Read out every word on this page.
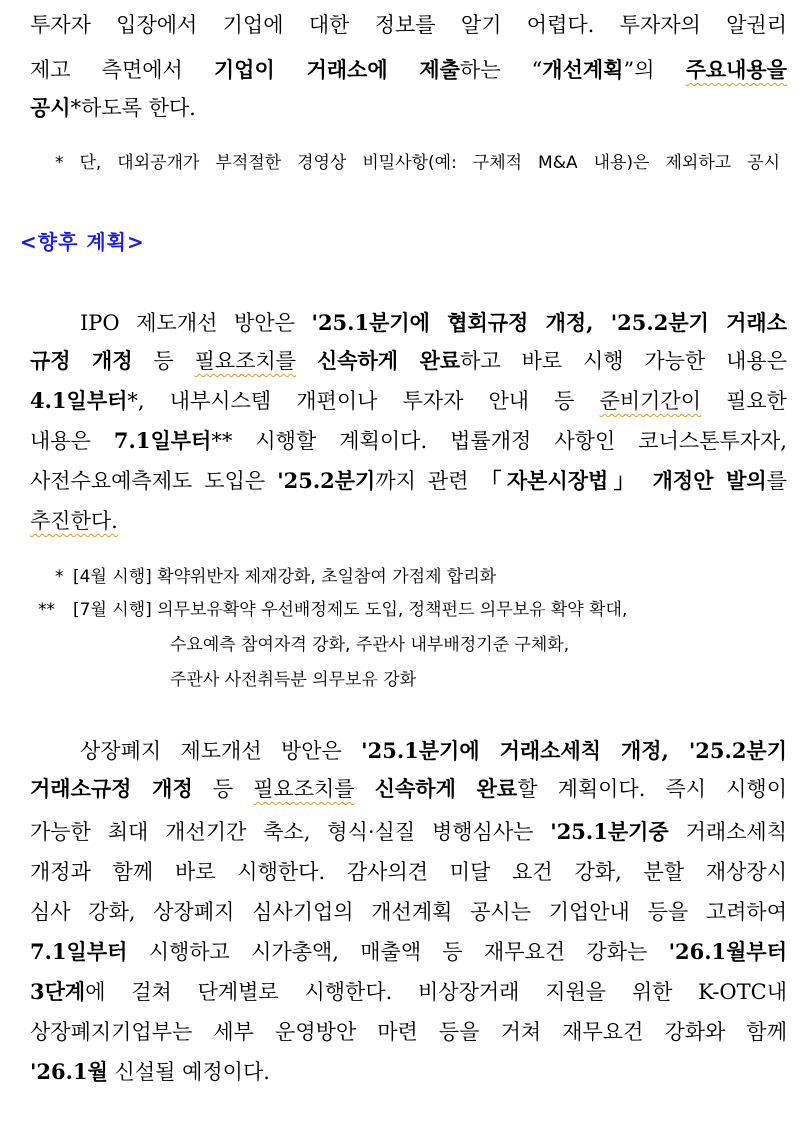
투자자 입장에서 기업에 대한 정보를 알기 어렵다. 투자자의 알권리
제고 측면에서 기업이 거래소에 제출하는 “개선계획”의 주요내용을
공시*하도록 한다.
* 단, 대외공개가 부적절한 경영상 비밀사항(예: 구체적 M&A 내용)은 제외하고 공시
<향후 계획>
IPO 제도개선 방안은 '25.1분기에 협회규정 개정, '25.2분기 거래소
규정 개정 등 필요조치를 신속하게 완료하고 바로 시행 가능한 내용은
4.1일부터*, 내부시스템 개편이나 투자자 안내 등 준비기간이 필요한
내용은 7.1일부터** 시행할 계획이다. 법률개정 사항인 코너스톤투자자,
사전수요예측제도 도입은 '25.2분기까지 관련 「자본시장법」 개정안 발의를
추진한다.
* [4월 시행] 확약위반자 제재강화, 초일참여 가점제 합리화
** [7월 시행] 의무보유확약 우선배정제도 도입, 정책펀드 의무보유 확약 확대,
수요예측 참여자격 강화, 주관사 내부배정기준 구체화,
주관사 사전취득분 의무보유 강화
상장폐지 제도개선 방안은 '25.1분기에 거래소세칙 개정, '25.2분기
거래소규정 개정 등 필요조치를 신속하게 완료할 계획이다. 즉시 시행이
가능한 최대 개선기간 축소, 형식·실질 병행심사는 '25.1분기중 거래소세칙
개정과 함께 바로 시행한다. 감사의견 미달 요건 강화, 분할 재상장시
심사 강화, 상장폐지 심사기업의 개선계획 공시는 기업안내 등을 고려하여
7.1일부터 시행하고 시가총액, 매출액 등 재무요건 강화는 '26.1월부터
3단계에 걸쳐 단계별로 시행한다. 비상장거래 지원을 위한 K-OTC내
상장폐지기업부는 세부 운영방안 마련 등을 거쳐 재무요건 강화와 함께
'26.1월 신설될 예정이다.
